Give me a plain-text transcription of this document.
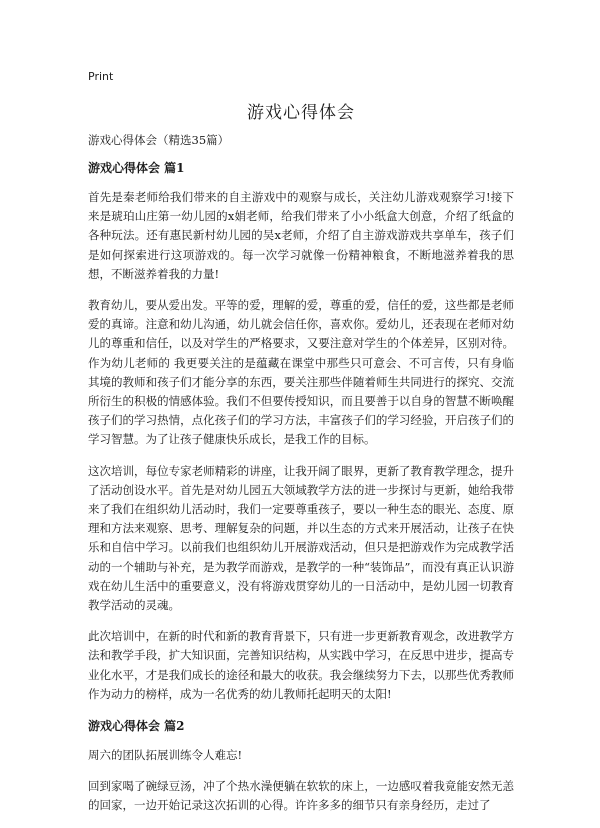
Print
游戏心得体会

游戏心得体会（精选35篇）

游戏心得体会 篇1

首先是秦老师给我们带来的自主游戏中的观察与成长，关注幼儿游戏观察学习!接下来是琥珀山庄第一幼儿园的x娟老师，给我们带来了小小纸盒大创意，介绍了纸盒的各种玩法。还有惠民新村幼儿园的吴x老师，介绍了自主游戏游戏共享单车，孩子们是如何探索进行这项游戏的。每一次学习就像一份精神粮食，不断地滋养着我的思想，不断滋养着我的力量!

教育幼儿，要从爱出发。平等的爱，理解的爱，尊重的爱，信任的爱，这些都是老师爱的真谛。注意和幼儿沟通，幼儿就会信任你，喜欢你。爱幼儿，还表现在老师对幼儿的尊重和信任，以及对学生的严格要求，又要注意对学生的个体差异，区别对待。作为幼儿老师的 我更要关注的是蕴藏在课堂中那些只可意会、不可言传，只有身临其境的教师和孩子们才能分享的东西，要关注那些伴随着师生共同进行的探究、交流所衍生的积极的情感体验。我们不但要传授知识，而且要善于以自身的智慧不断唤醒孩子们的学习热情，点化孩子们的学习方法，丰富孩子们的学习经验，开启孩子们的学习智慧。为了让孩子健康快乐成长，是我工作的目标。

这次培训，每位专家老师精彩的讲座，让我开阔了眼界，更新了教育教学理念，提升了活动创设水平。首先是对幼儿园五大领域教学方法的进一步探讨与更新，她给我带来了我们在组织幼儿活动时，我们一定要尊重孩子，要以一种生态的眼光、态度、原理和方法来观察、思考、理解复杂的问题，并以生态的方式来开展活动，让孩子在快乐和自信中学习。以前我们也组织幼儿开展游戏活动，但只是把游戏作为完成教学活动的一个辅助与补充，是为教学而游戏，是教学的一种“装饰品”，而没有真正认识游戏在幼儿生活中的重要意义，没有将游戏贯穿幼儿的一日活动中，是幼儿园一切教育教学活动的灵魂。

此次培训中，在新的时代和新的教育背景下，只有进一步更新教育观念，改进教学方法和教学手段，扩大知识面，完善知识结构，从实践中学习，在反思中进步，提高专业化水平，才是我们成长的途径和最大的收获。我会继续努力下去，以那些优秀教师作为动力的榜样，成为一名优秀的幼儿教师托起明天的太阳!

游戏心得体会 篇2

周六的团队拓展训练令人难忘!

回到家喝了碗绿豆汤，冲了个热水澡便躺在软软的床上，一边感叹着我竟能安然无恙的回家，一边开始记录这次拓训的心得。许许多多的细节只有亲身经历，走过了
